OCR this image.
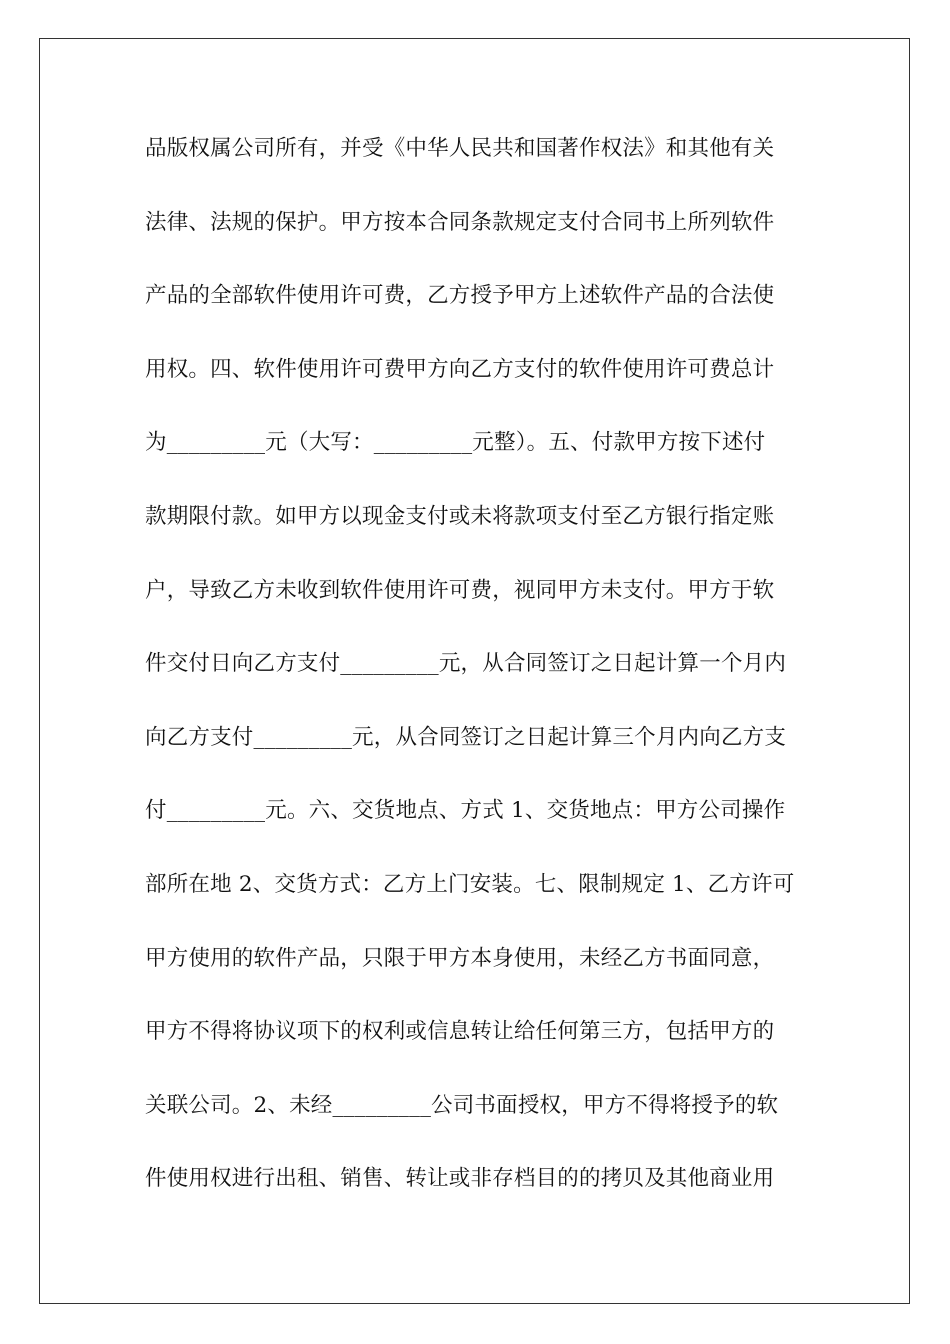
品版权属公司所有，并受《中华人民共和国著作权法》和其他有关
法律、法规的保护。甲方按本合同条款规定支付合同书上所列软件
产品的全部软件使用许可费，乙方授予甲方上述软件产品的合法使
用权。四、软件使用许可费甲方向乙方支付的软件使用许可费总计
为_________元（大写：_________元整）。五、付款甲方按下述付
款期限付款。如甲方以现金支付或未将款项支付至乙方银行指定账
户，导致乙方未收到软件使用许可费，视同甲方未支付。甲方于软
件交付日向乙方支付_________元，从合同签订之日起计算一个月内
向乙方支付_________元，从合同签订之日起计算三个月内向乙方支
付_________元。六、交货地点、方式 1、交货地点：甲方公司操作
部所在地 2、交货方式：乙方上门安装。七、限制规定 1、乙方许可
甲方使用的软件产品，只限于甲方本身使用，未经乙方书面同意，
甲方不得将协议项下的权利或信息转让给任何第三方，包括甲方的
关联公司。2、未经_________公司书面授权，甲方不得将授予的软
件使用权进行出租、销售、转让或非存档目的的拷贝及其他商业用
